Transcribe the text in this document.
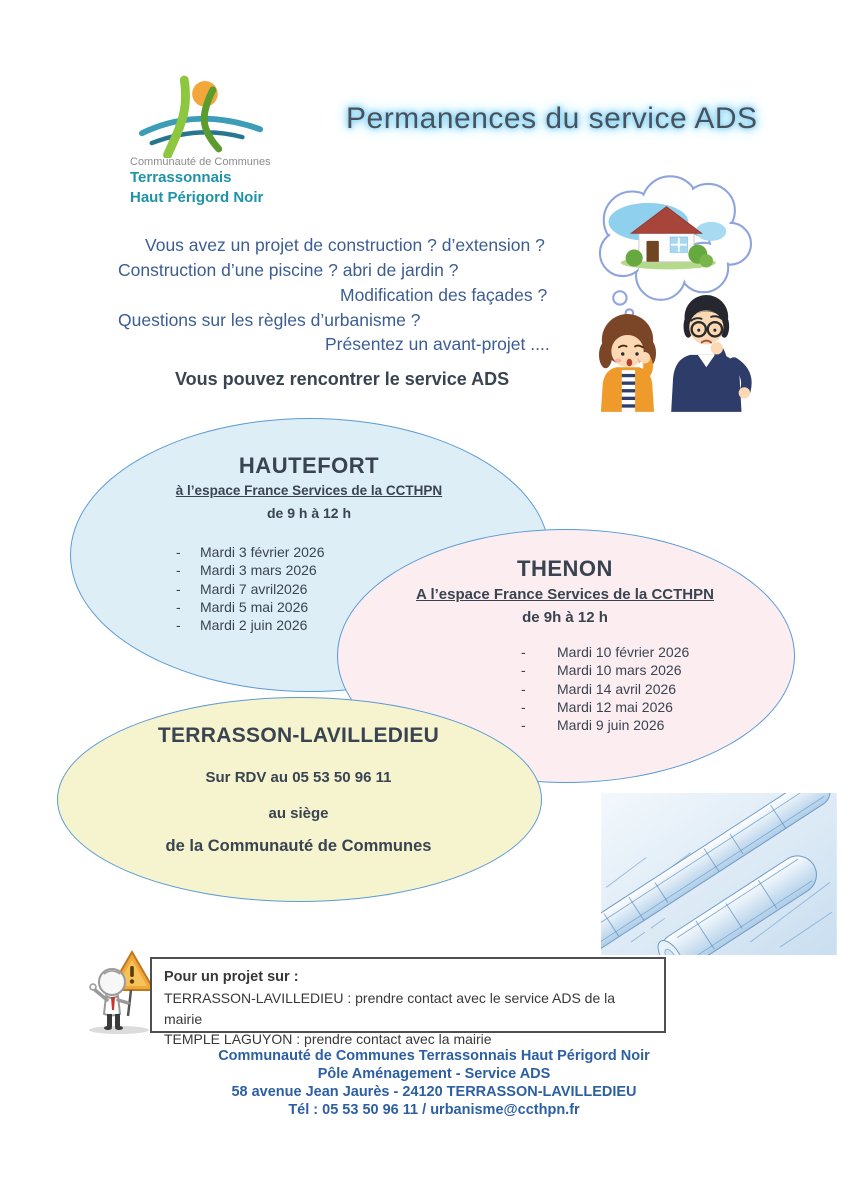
Communauté de Communes
Terrassonnais
Haut Périgord Noir
Permanences du service ADS
Vous avez un projet de construction ? d’extension ?
Construction d’une piscine ? abri de jardin ?
Modification des façades ?
Questions sur les règles d’urbanisme ?
Présentez un avant-projet ....
Vous pouvez rencontrer le service ADS
HAUTEFORT
à l’espace France Services de la CCTHPN
de 9 h à 12 h
- Mardi 3 février 2026
- Mardi 3 mars 2026
- Mardi 7 avril2026
- Mardi 5 mai 2026
- Mardi 2 juin 2026
THENON
A l’espace France Services de la CCTHPN
de 9h à 12 h
- Mardi 10 février 2026
- Mardi 10 mars 2026
- Mardi 14 avril 2026
- Mardi 12 mai 2026
- Mardi 9 juin 2026
TERRASSON-LAVILLEDIEU
Sur RDV au 05 53 50 96 11
au siège
de la Communauté de Communes
Pour un projet sur :
TERRASSON-LAVILLEDIEU : prendre contact avec le service ADS de la mairie
TEMPLE LAGUYON : prendre contact avec la mairie
Communauté de Communes Terrassonnais Haut Périgord Noir
Pôle Aménagement - Service ADS
58 avenue Jean Jaurès - 24120 TERRASSON-LAVILLEDIEU
Tél : 05 53 50 96 11 / urbanisme@ccthpn.fr
